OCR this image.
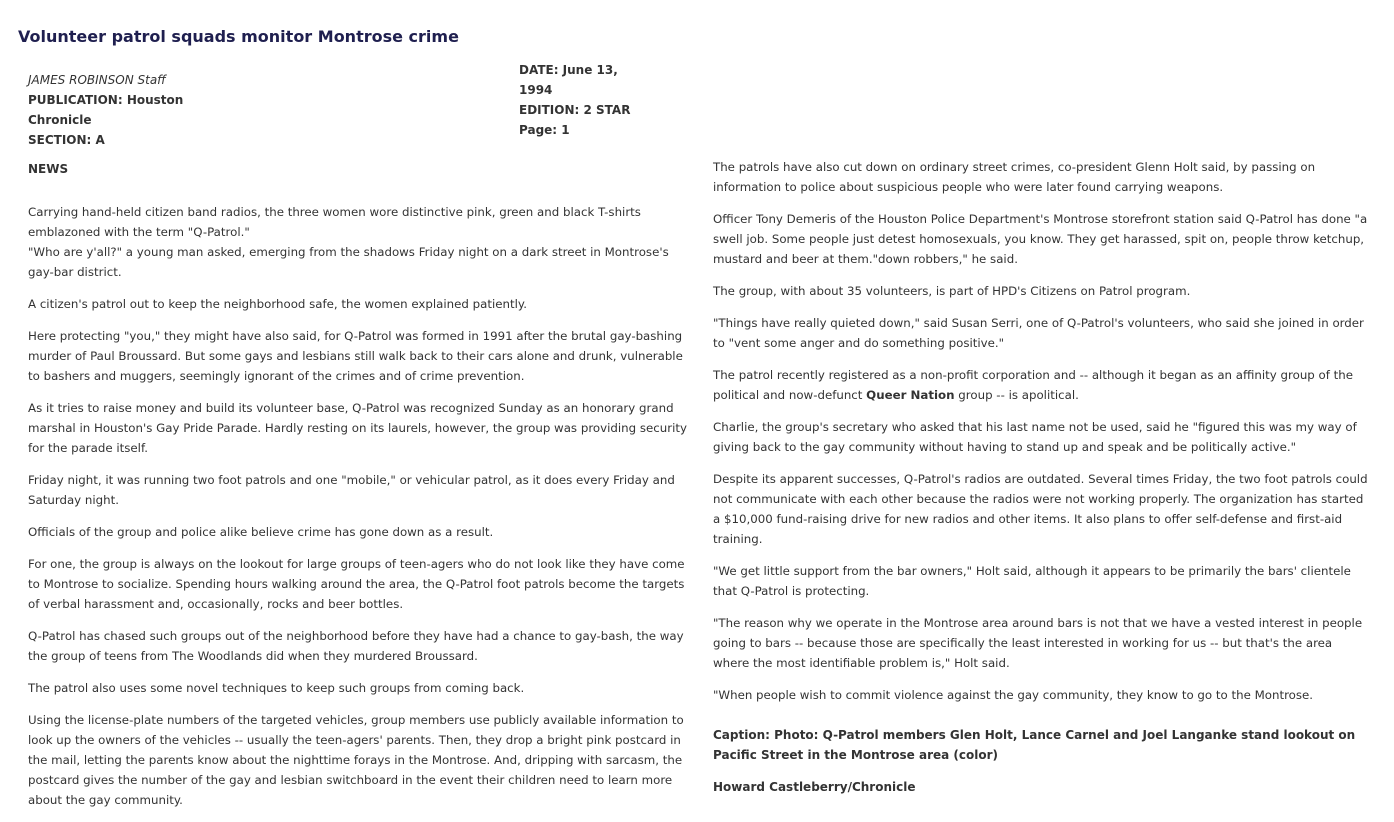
Volunteer patrol squads monitor Montrose crime
JAMES ROBINSON Staff
PUBLICATION: Houston Chronicle
SECTION: A
DATE: June 13, 1994
EDITION: 2 STAR
Page: 1
NEWS

Carrying hand-held citizen band radios, the three women wore distinctive pink, green and black T-shirts emblazoned with the term "Q-Patrol."
"Who are y'all?" a young man asked, emerging from the shadows Friday night on a dark street in Montrose's gay-bar district.

A citizen's patrol out to keep the neighborhood safe, the women explained patiently.

Here protecting "you," they might have also said, for Q-Patrol was formed in 1991 after the brutal gay-bashing murder of Paul Broussard. But some gays and lesbians still walk back to their cars alone and drunk, vulnerable to bashers and muggers, seemingly ignorant of the crimes and of crime prevention.

As it tries to raise money and build its volunteer base, Q-Patrol was recognized Sunday as an honorary grand marshal in Houston's Gay Pride Parade. Hardly resting on its laurels, however, the group was providing security for the parade itself.

Friday night, it was running two foot patrols and one "mobile," or vehicular patrol, as it does every Friday and Saturday night.

Officials of the group and police alike believe crime has gone down as a result.

For one, the group is always on the lookout for large groups of teen-agers who do not look like they have come to Montrose to socialize. Spending hours walking around the area, the Q-Patrol foot patrols become the targets of verbal harassment and, occasionally, rocks and beer bottles.

Q-Patrol has chased such groups out of the neighborhood before they have had a chance to gay-bash, the way the group of teens from The Woodlands did when they murdered Broussard.

The patrol also uses some novel techniques to keep such groups from coming back.

Using the license-plate numbers of the targeted vehicles, group members use publicly available information to look up the owners of the vehicles -- usually the teen-agers' parents. Then, they drop a bright pink postcard in the mail, letting the parents know about the nighttime forays in the Montrose. And, dripping with sarcasm, the postcard gives the number of the gay and lesbian switchboard in the event their children need to learn more about the gay community.

The patrols have also cut down on ordinary street crimes, co-president Glenn Holt said, by passing on information to police about suspicious people who were later found carrying weapons.

Officer Tony Demeris of the Houston Police Department's Montrose storefront station said Q-Patrol has done "a swell job. Some people just detest homosexuals, you know. They get harassed, spit on, people throw ketchup, mustard and beer at them."down robbers," he said.

The group, with about 35 volunteers, is part of HPD's Citizens on Patrol program.

"Things have really quieted down," said Susan Serri, one of Q-Patrol's volunteers, who said she joined in order to "vent some anger and do something positive."

The patrol recently registered as a non-profit corporation and -- although it began as an affinity group of the political and now-defunct Queer Nation group -- is apolitical.

Charlie, the group's secretary who asked that his last name not be used, said he "figured this was my way of giving back to the gay community without having to stand up and speak and be politically active."

Despite its apparent successes, Q-Patrol's radios are outdated. Several times Friday, the two foot patrols could not communicate with each other because the radios were not working properly. The organization has started a $10,000 fund-raising drive for new radios and other items. It also plans to offer self-defense and first-aid training.

"We get little support from the bar owners," Holt said, although it appears to be primarily the bars' clientele that Q-Patrol is protecting.

"The reason why we operate in the Montrose area around bars is not that we have a vested interest in people going to bars -- because those are specifically the least interested in working for us -- but that's the area where the most identifiable problem is," Holt said.

"When people wish to commit violence against the gay community, they know to go to the Montrose.

Caption: Photo: Q-Patrol members Glen Holt, Lance Carnel and Joel Langanke stand lookout on Pacific Street in the Montrose area (color)

Howard Castleberry/Chronicle
